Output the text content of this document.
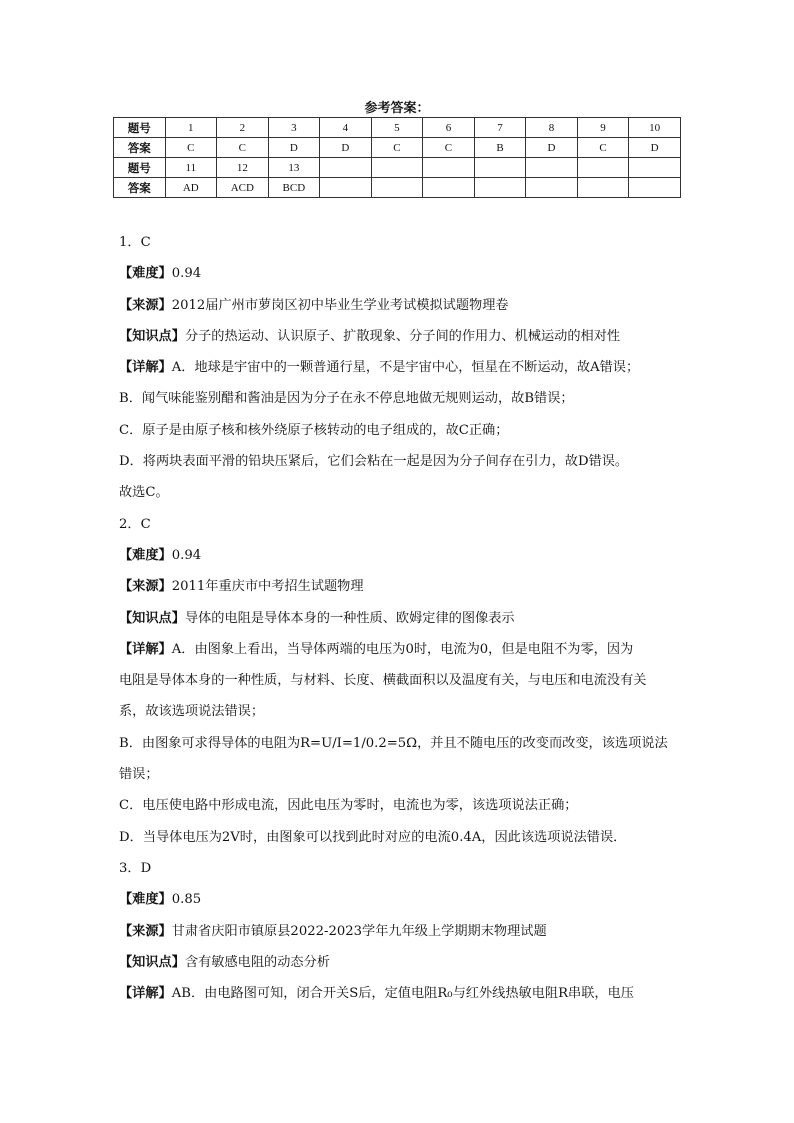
参考答案：
题号	1	2	3	4	5	6	7	8	9	10
答案	C	C	D	D	C	C	B	D	C	D
题号	11	12	13							
答案	AD	ACD	BCD							
1．C
【难度】0.94
【来源】2012届广州市萝岗区初中毕业生学业考试模拟试题物理卷
【知识点】分子的热运动、认识原子、扩散现象、分子间的作用力、机械运动的相对性
【详解】A．地球是宇宙中的一颗普通行星，不是宇宙中心，恒星在不断运动，故A错误；
B．闻气味能鉴别醋和酱油是因为分子在永不停息地做无规则运动，故B错误；
C．原子是由原子核和核外绕原子核转动的电子组成的，故C正确；
D．将两块表面平滑的铅块压紧后，它们会粘在一起是因为分子间存在引力，故D错误。
故选C。
2．C
【难度】0.94
【来源】2011年重庆市中考招生试题物理
【知识点】导体的电阻是导体本身的一种性质、欧姆定律的图像表示
【详解】A．由图象上看出，当导体两端的电压为0时，电流为0，但是电阻不为零，因为
电阻是导体本身的一种性质，与材料、长度、横截面积以及温度有关，与电压和电流没有关
系，故该选项说法错误；
B．由图象可求得导体的电阻为R=U/I=1/0.2=5Ω，并且不随电压的改变而改变，该选项说法
错误；
C．电压使电路中形成电流，因此电压为零时，电流也为零，该选项说法正确；
D．当导体电压为2V时，由图象可以找到此时对应的电流0.4A，因此该选项说法错误．
3．D
【难度】0.85
【来源】甘肃省庆阳市镇原县2022-2023学年九年级上学期期末物理试题
【知识点】含有敏感电阻的动态分析
【详解】AB．由电路图可知，闭合开关S后，定值电阻R₀与红外线热敏电阻R串联，电压
